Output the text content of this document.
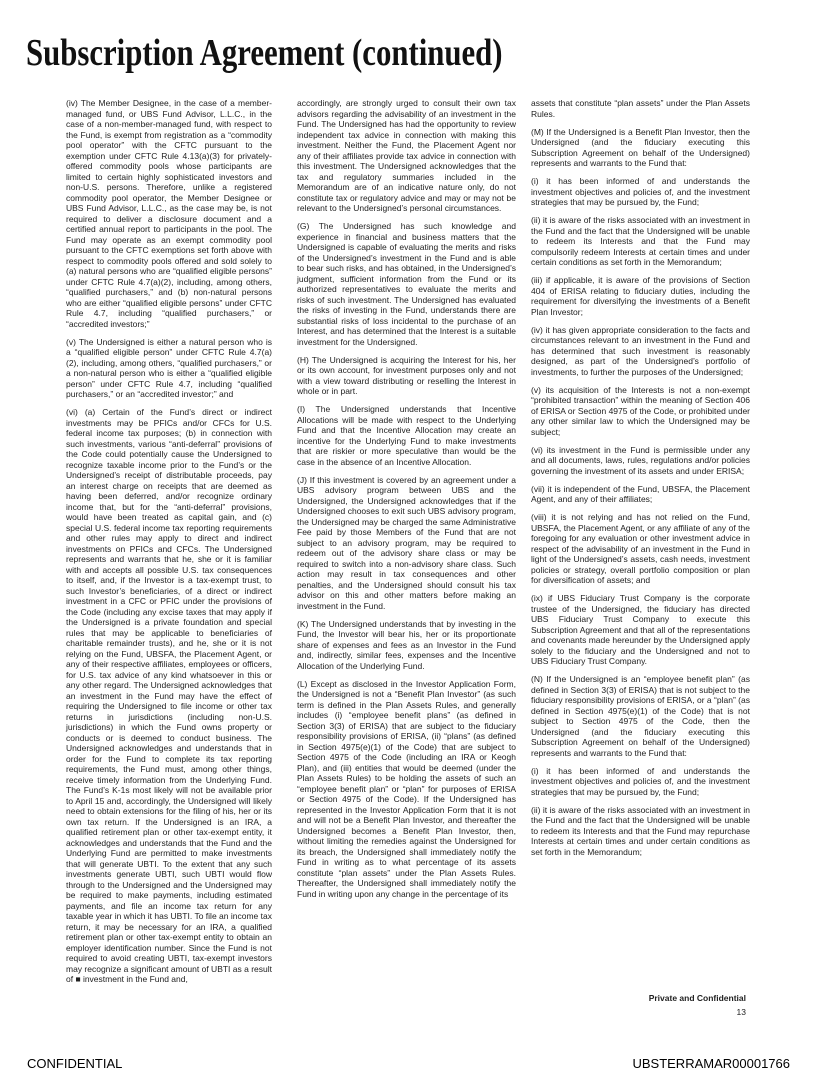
Subscription Agreement (continued)

(iv) The Member Designee, in the case of a member-managed fund, or UBS Fund Advisor, L.L.C., in the case of a non-member-managed fund, with respect to the Fund, is exempt from registration as a “commodity pool operator” with the CFTC pursuant to the exemption under CFTC Rule 4.13(a)(3) for privately-offered commodity pools whose participants are limited to certain highly sophisticated investors and non-U.S. persons. Therefore, unlike a registered commodity pool operator, the Member Designee or UBS Fund Advisor, L.L.C., as the case may be, is not required to deliver a disclosure document and a certified annual report to participants in the pool. The Fund may operate as an exempt commodity pool pursuant to the CFTC exemptions set forth above with respect to commodity pools offered and sold solely to (a) natural persons who are “qualified eligible persons” under CFTC Rule 4.7(a)(2), including, among others, “qualified purchasers,” and (b) non-natural persons who are either “qualified eligible persons” under CFTC Rule 4.7, including “qualified purchasers,” or “accredited investors;”

(v) The Undersigned is either a natural person who is a “qualified eligible person” under CFTC Rule 4.7(a)(2), including, among others, “qualified purchasers,” or a non-natural person who is either a “qualified eligible person” under CFTC Rule 4.7, including “qualified purchasers,” or an “accredited investor;” and

(vi) (a) Certain of the Fund’s direct or indirect investments may be PFICs and/or CFCs for U.S. federal income tax purposes; (b) in connection with such investments, various “anti-deferral” provisions of the Code could potentially cause the Undersigned to recognize taxable income prior to the Fund’s or the Undersigned’s receipt of distributable proceeds, pay an interest charge on receipts that are deemed as having been deferred, and/or recognize ordinary income that, but for the “anti-deferral” provisions, would have been treated as capital gain, and (c) special U.S. federal income tax reporting requirements and other rules may apply to direct and indirect investments on PFICs and CFCs. The Undersigned represents and warrants that he, she or it is familiar with and accepts all possible U.S. tax consequences to itself, and, if the Investor is a tax-exempt trust, to such Investor’s beneficiaries, of a direct or indirect investment in a CFC or PFIC under the provisions of the Code (including any excise taxes that may apply if the Undersigned is a private foundation and special rules that may be applicable to beneficiaries of charitable remainder trusts), and he, she or it is not relying on the Fund, UBSFA, the Placement Agent, or any of their respective affiliates, employees or officers, for U.S. tax advice of any kind whatsoever in this or any other regard. The Undersigned acknowledges that an investment in the Fund may have the effect of requiring the Undersigned to file income or other tax returns in jurisdictions (including non-U.S. jurisdictions) in which the Fund owns property or conducts or is deemed to conduct business. The Undersigned acknowledges and understands that in order for the Fund to complete its tax reporting requirements, the Fund must, among other things, receive timely information from the Underlying Fund. The Fund’s K-1s most likely will not be available prior to April 15 and, accordingly, the Undersigned will likely need to obtain extensions for the filing of his, her or its own tax return. If the Undersigned is an IRA, a qualified retirement plan or other tax-exempt entity, it acknowledges and understands that the Fund and the Underlying Fund are permitted to make investments that will generate UBTI. To the extent that any such investments generate UBTI, such UBTI would flow through to the Undersigned and the Undersigned may be required to make payments, including estimated payments, and file an income tax return for any taxable year in which it has UBTI. To file an income tax return, it may be necessary for an IRA, a qualified retirement plan or other tax-exempt entity to obtain an employer identification number. Since the Fund is not required to avoid creating UBTI, tax-exempt investors may recognize a significant amount of UBTI as a result of ■ investment in the Fund and,

accordingly, are strongly urged to consult their own tax advisors regarding the advisability of an investment in the Fund. The Undersigned has had the opportunity to review independent tax advice in connection with making this investment. Neither the Fund, the Placement Agent nor any of their affiliates provide tax advice in connection with this investment. The Undersigned acknowledges that the tax and regulatory summaries included in the Memorandum are of an indicative nature only, do not constitute tax or regulatory advice and may or may not be relevant to the Undersigned’s personal circumstances.

(G) The Undersigned has such knowledge and experience in financial and business matters that the Undersigned is capable of evaluating the merits and risks of the Undersigned’s investment in the Fund and is able to bear such risks, and has obtained, in the Undersigned’s judgment, sufficient information from the Fund or its authorized representatives to evaluate the merits and risks of such investment. The Undersigned has evaluated the risks of investing in the Fund, understands there are substantial risks of loss incidental to the purchase of an Interest, and has determined that the Interest is a suitable investment for the Undersigned.

(H) The Undersigned is acquiring the Interest for his, her or its own account, for investment purposes only and not with a view toward distributing or reselling the Interest in whole or in part.

(I) The Undersigned understands that Incentive Allocations will be made with respect to the Underlying Fund and that the Incentive Allocation may create an incentive for the Underlying Fund to make investments that are riskier or more speculative than would be the case in the absence of an Incentive Allocation.

(J) If this investment is covered by an agreement under a UBS advisory program between UBS and the Undersigned, the Undersigned acknowledges that if the Undersigned chooses to exit such UBS advisory program, the Undersigned may be charged the same Administrative Fee paid by those Members of the Fund that are not subject to an advisory program, may be required to redeem out of the advisory share class or may be required to switch into a non-advisory share class. Such action may result in tax consequences and other penalties, and the Undersigned should consult his tax advisor on this and other matters before making an investment in the Fund.

(K) The Undersigned understands that by investing in the Fund, the Investor will bear his, her or its proportionate share of expenses and fees as an Investor in the Fund and, indirectly, similar fees, expenses and the Incentive Allocation of the Underlying Fund.

(L) Except as disclosed in the Investor Application Form, the Undersigned is not a “Benefit Plan Investor” (as such term is defined in the Plan Assets Rules, and generally includes (i) “employee benefit plans” (as defined in Section 3(3) of ERISA) that are subject to the fiduciary responsibility provisions of ERISA, (ii) “plans” (as defined in Section 4975(e)(1) of the Code) that are subject to Section 4975 of the Code (including an IRA or Keogh Plan), and (iii) entities that would be deemed (under the Plan Assets Rules) to be holding the assets of such an “employee benefit plan” or “plan” for purposes of ERISA or Section 4975 of the Code). If the Undersigned has represented in the Investor Application Form that it is not and will not be a Benefit Plan Investor, and thereafter the Undersigned becomes a Benefit Plan Investor, then, without limiting the remedies against the Undersigned for its breach, the Undersigned shall immediately notify the Fund in writing as to what percentage of its assets constitute “plan assets” under the Plan Assets Rules. Thereafter, the Undersigned shall immediately notify the Fund in writing upon any change in the percentage of its

assets that constitute “plan assets” under the Plan Assets Rules.

(M) If the Undersigned is a Benefit Plan Investor, then the Undersigned (and the fiduciary executing this Subscription Agreement on behalf of the Undersigned) represents and warrants to the Fund that:

(i) it has been informed of and understands the investment objectives and policies of, and the investment strategies that may be pursued by, the Fund;

(ii) it is aware of the risks associated with an investment in the Fund and the fact that the Undersigned will be unable to redeem its Interests and that the Fund may compulsorily redeem Interests at certain times and under certain conditions as set forth in the Memorandum;

(iii) if applicable, it is aware of the provisions of Section 404 of ERISA relating to fiduciary duties, including the requirement for diversifying the investments of a Benefit Plan Investor;

(iv) it has given appropriate consideration to the facts and circumstances relevant to an investment in the Fund and has determined that such investment is reasonably designed, as part of the Undersigned’s portfolio of investments, to further the purposes of the Undersigned;

(v) its acquisition of the Interests is not a non-exempt “prohibited transaction” within the meaning of Section 406 of ERISA or Section 4975 of the Code, or prohibited under any other similar law to which the Undersigned may be subject;

(vi) its investment in the Fund is permissible under any and all documents, laws, rules, regulations and/or policies governing the investment of its assets and under ERISA;

(vii) it is independent of the Fund, UBSFA, the Placement Agent, and any of their affiliates;

(viii) it is not relying and has not relied on the Fund, UBSFA, the Placement Agent, or any affiliate of any of the foregoing for any evaluation or other investment advice in respect of the advisability of an investment in the Fund in light of the Undersigned’s assets, cash needs, investment policies or strategy, overall portfolio composition or plan for diversification of assets; and

(ix) if UBS Fiduciary Trust Company is the corporate trustee of the Undersigned, the fiduciary has directed UBS Fiduciary Trust Company to execute this Subscription Agreement and that all of the representations and covenants made hereunder by the Undersigned apply solely to the fiduciary and the Undersigned and not to UBS Fiduciary Trust Company.

(N) If the Undersigned is an “employee benefit plan” (as defined in Section 3(3) of ERISA) that is not subject to the fiduciary responsibility provisions of ERISA, or a “plan” (as defined in Section 4975(e)(1) of the Code) that is not subject to Section 4975 of the Code, then the Undersigned (and the fiduciary executing this Subscription Agreement on behalf of the Undersigned) represents and warrants to the Fund that:

(i) it has been informed of and understands the investment objectives and policies of, and the investment strategies that may be pursued by, the Fund;

(ii) it is aware of the risks associated with an investment in the Fund and the fact that the Undersigned will be unable to redeem its Interests and that the Fund may repurchase Interests at certain times and under certain conditions as set forth in the Memorandum;

Private and Confidential
13
CONFIDENTIAL	UBSTERRAMAR00001766
